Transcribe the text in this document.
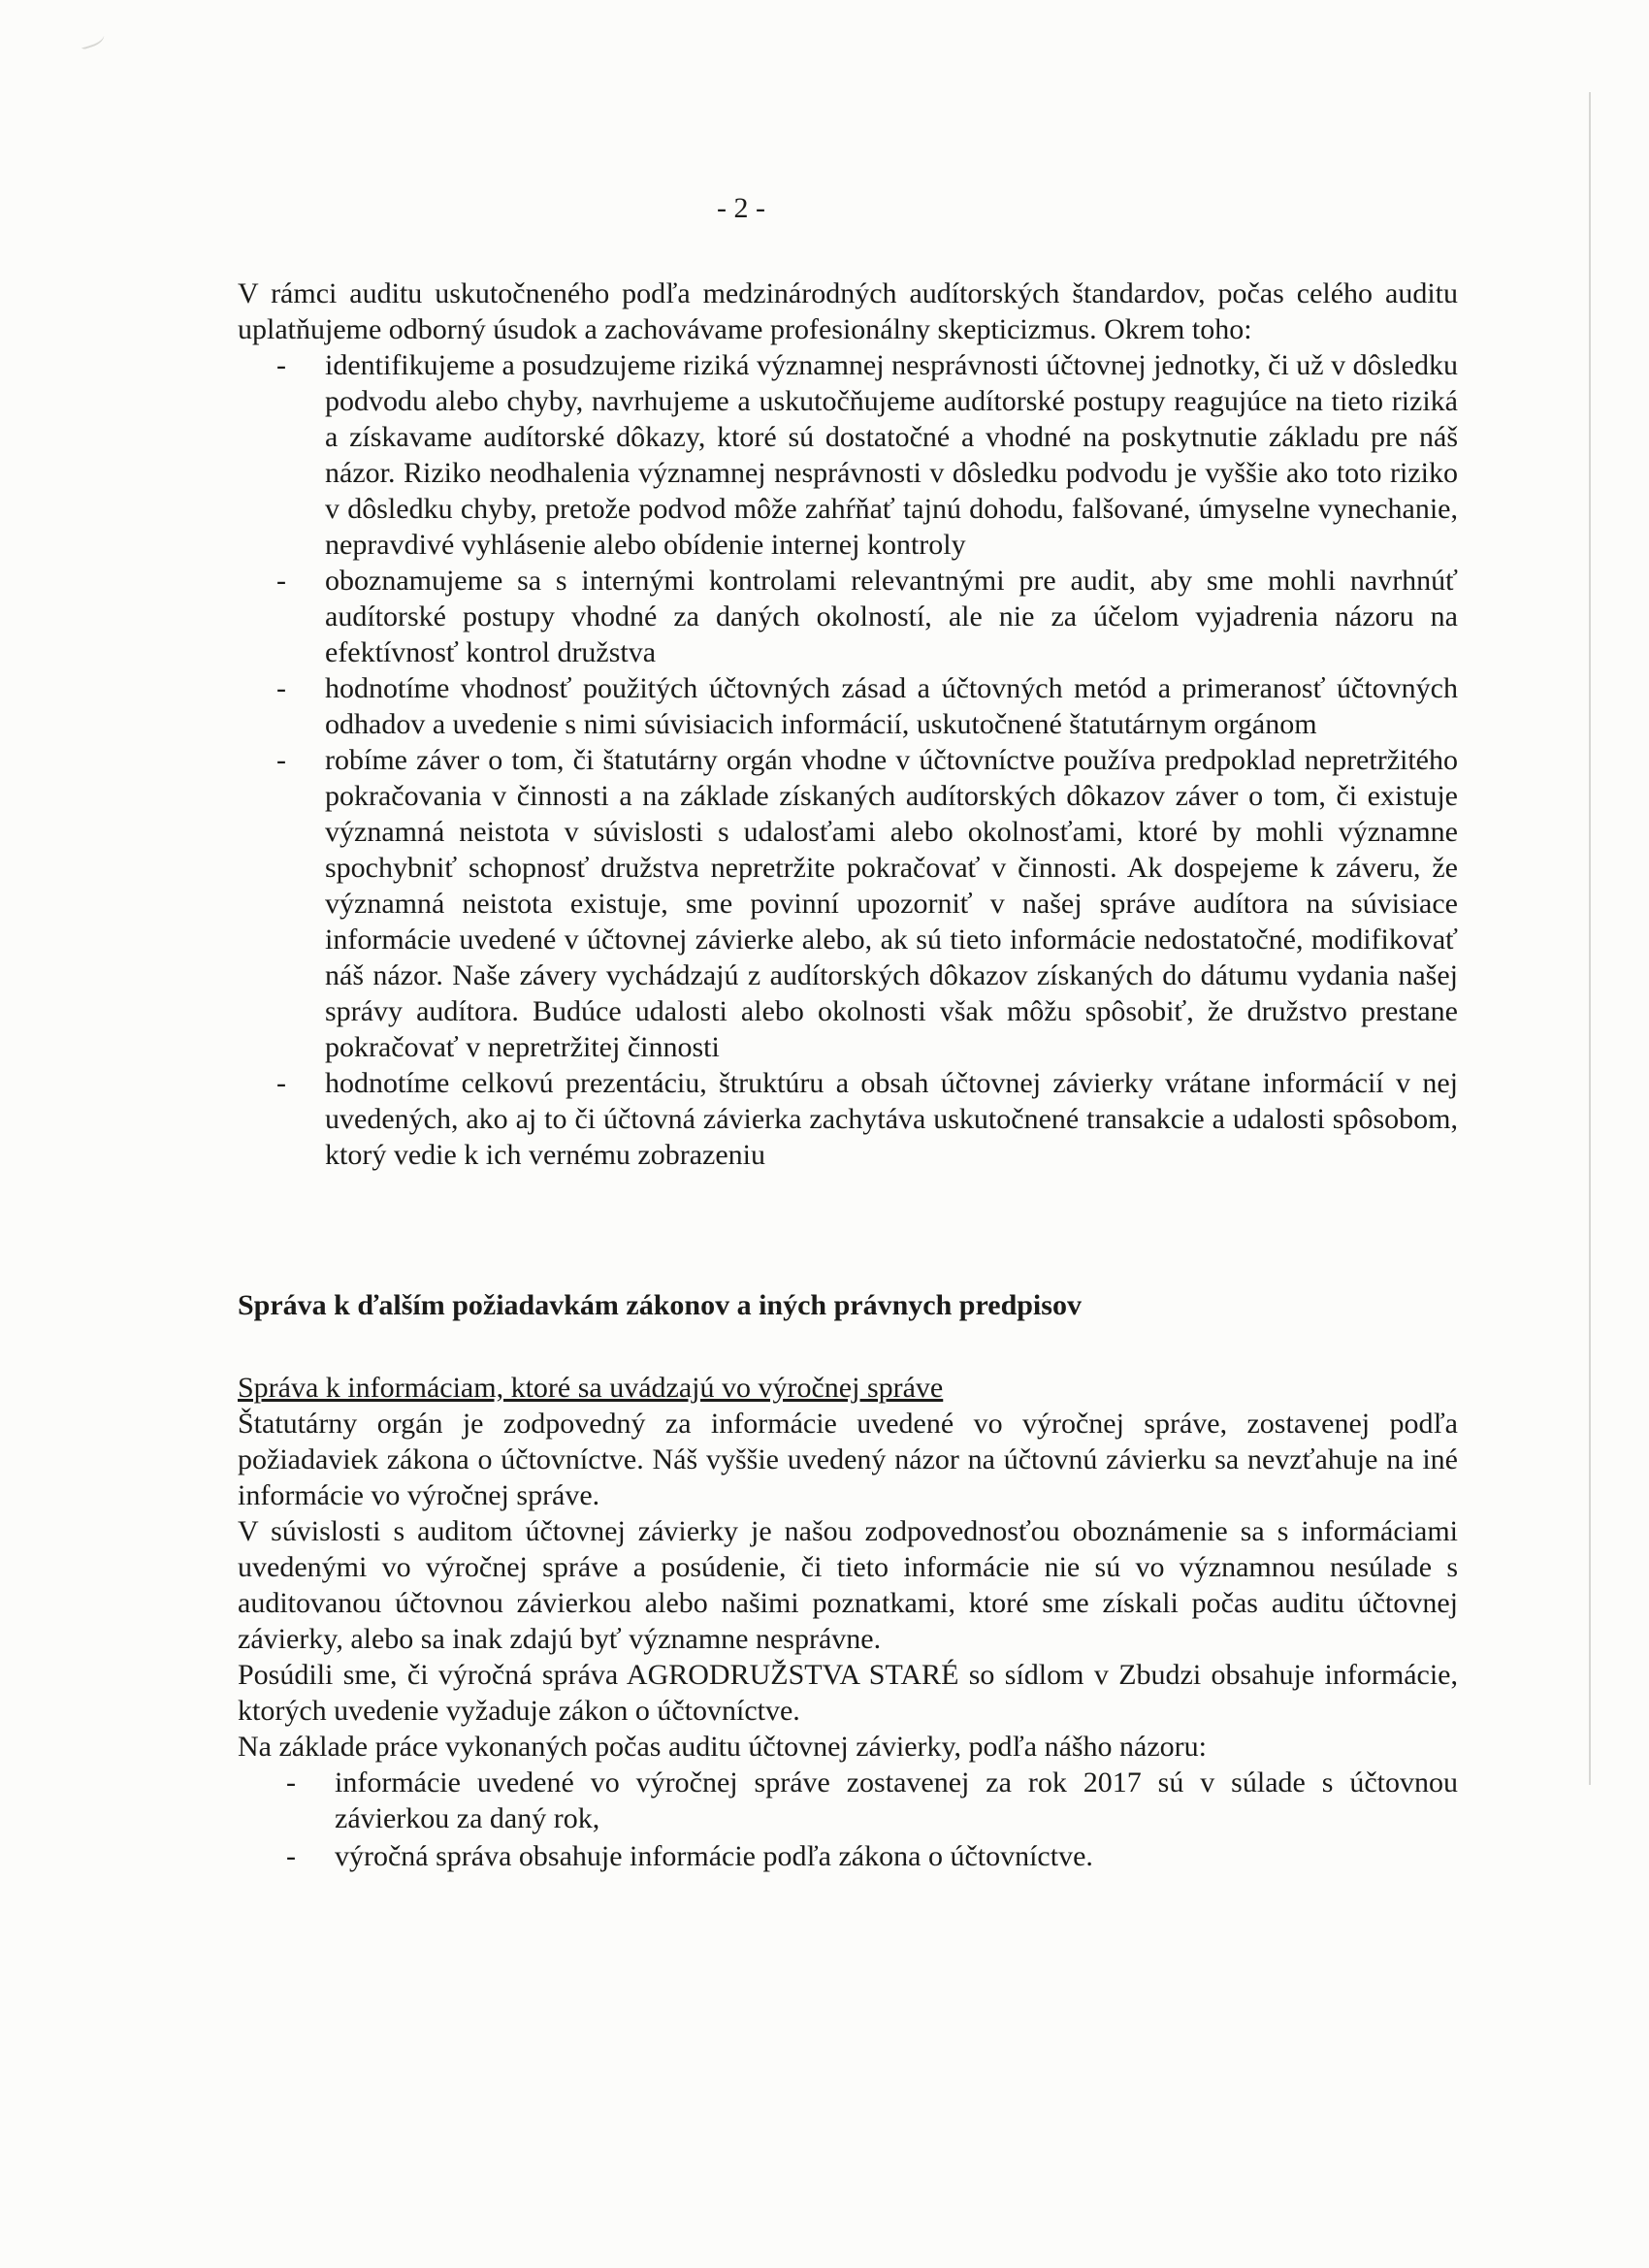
- 2 -

V rámci auditu uskutočneného podľa medzinárodných audítorských štandardov, počas celého auditu uplatňujeme odborný úsudok a zachovávame profesionálny skepticizmus. Okrem toho:

-	identifikujeme a posudzujeme riziká významnej nesprávnosti účtovnej jednotky, či už v dôsledku podvodu alebo chyby, navrhujeme a uskutočňujeme audítorské postupy reagujúce na tieto riziká a získavame audítorské dôkazy, ktoré sú dostatočné a vhodné na poskytnutie základu pre náš názor. Riziko neodhalenia významnej nesprávnosti v dôsledku podvodu je vyššie ako toto riziko v dôsledku chyby, pretože podvod môže zahŕňať tajnú dohodu, falšované, úmyselne vynechanie, nepravdivé vyhlásenie alebo obídenie internej kontroly
-	oboznamujeme sa s internými kontrolami relevantnými pre audit, aby sme mohli navrhnúť audítorské postupy vhodné za daných okolností, ale nie za účelom vyjadrenia názoru na efektívnosť kontrol družstva
-	hodnotíme vhodnosť použitých účtovných zásad a účtovných metód a primeranosť účtovných odhadov a uvedenie s nimi súvisiacich informácií, uskutočnené štatutárnym orgánom
-	robíme záver o tom, či štatutárny orgán vhodne v účtovníctve používa predpoklad nepretržitého pokračovania v činnosti a na základe získaných audítorských dôkazov záver o tom, či existuje významná neistota v súvislosti s udalosťami alebo okolnosťami, ktoré by mohli významne spochybniť schopnosť družstva nepretržite pokračovať v činnosti. Ak dospejeme k záveru, že významná neistota existuje, sme povinní upozorniť v našej správe audítora na súvisiace informácie uvedené v účtovnej závierke alebo, ak sú tieto informácie nedostatočné, modifikovať náš názor. Naše závery vychádzajú z audítorských dôkazov získaných do dátumu vydania našej správy audítora. Budúce udalosti alebo okolnosti však môžu spôsobiť, že družstvo prestane pokračovať v nepretržitej činnosti
-	hodnotíme celkovú prezentáciu, štruktúru a obsah účtovnej závierky vrátane informácií v nej uvedených, ako aj to či účtovná závierka zachytáva uskutočnené transakcie a udalosti spôsobom, ktorý vedie k ich vernému zobrazeniu
Správa k ďalším požiadavkám zákonov a iných právnych predpisov
Správa k informáciam, ktoré sa uvádzajú vo výročnej správe

Štatutárny orgán je zodpovedný za informácie uvedené vo výročnej správe, zostavenej podľa požiadaviek zákona o účtovníctve. Náš vyššie uvedený názor na účtovnú závierku sa nevzťahuje na iné informácie vo výročnej správe.

V súvislosti s auditom účtovnej závierky je našou zodpovednosťou oboznámenie sa s informáciami uvedenými vo výročnej správe a posúdenie, či tieto informácie nie sú vo významnou nesúlade s auditovanou účtovnou závierkou alebo našimi poznatkami, ktoré sme získali počas auditu účtovnej závierky, alebo sa inak zdajú byť významne nesprávne.

Posúdili sme, či výročná správa AGRODRUŽSTVA STARÉ so sídlom v Zbudzi obsahuje informácie, ktorých uvedenie vyžaduje zákon o účtovníctve.

Na základe práce vykonaných počas auditu účtovnej závierky, podľa nášho názoru:

-	informácie uvedené vo výročnej správe zostavenej za rok 2017 sú v súlade s účtovnou závierkou za daný rok,
-	výročná správa obsahuje informácie podľa zákona o účtovníctve.
